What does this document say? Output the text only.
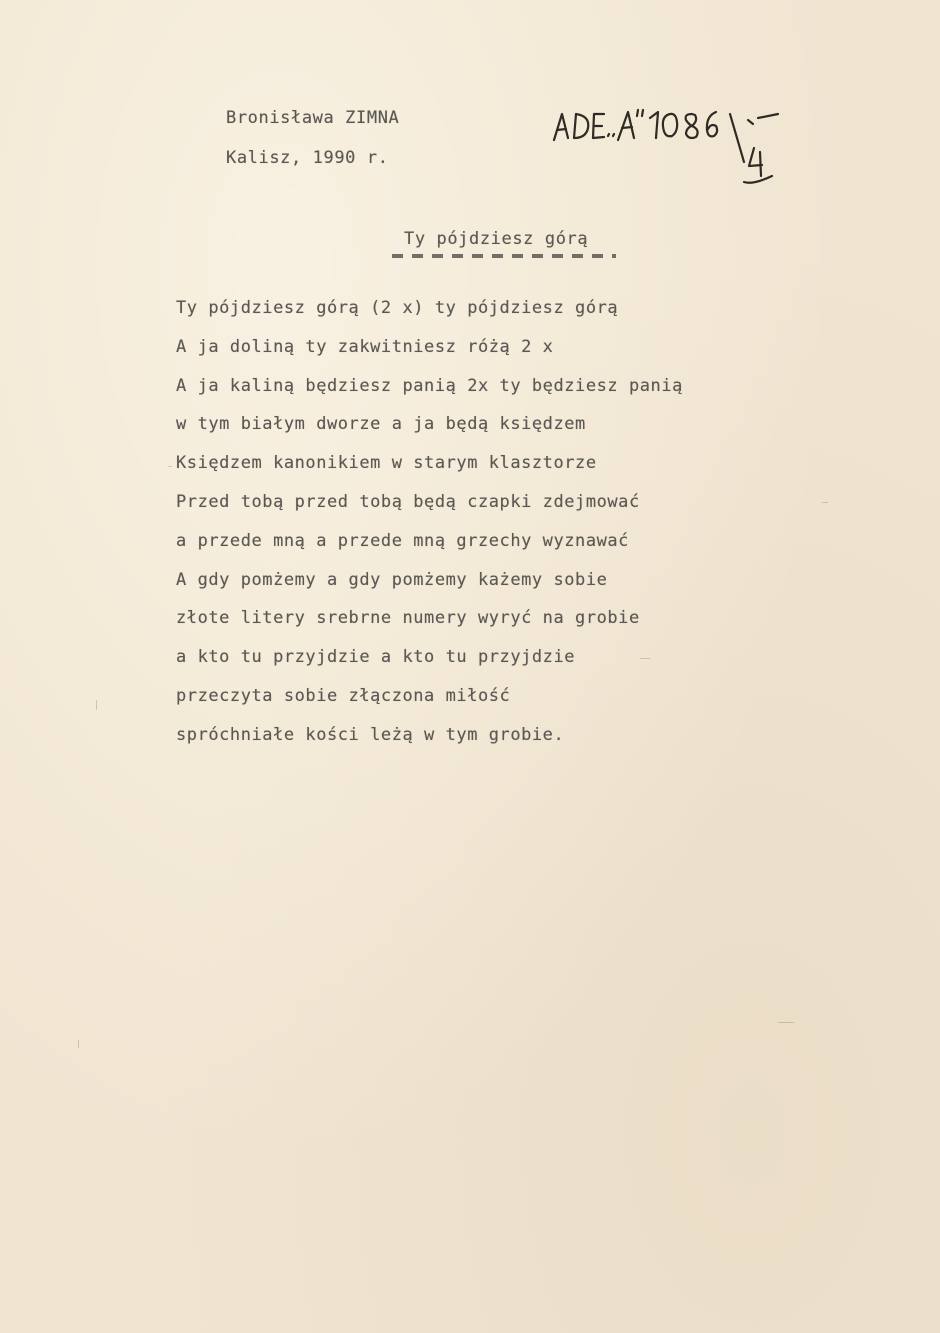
Bronisława ZIMNA
Kalisz, 1990 r.
Ty pójdziesz górą
Ty pójdziesz górą (2 x) ty pójdziesz górą
A ja doliną ty zakwitniesz różą 2 x
A ja kaliną będziesz panią 2x ty będziesz panią
w tym białym dworze a ja będą księdzem
Księdzem kanonikiem w starym klasztorze
Przed tobą przed tobą będą czapki zdejmować
a przede mną a przede mną grzechy wyznawać
A gdy pomżemy a gdy pomżemy każemy sobie
złote litery srebrne numery wyryć na grobie
a kto tu przyjdzie a kto tu przyjdzie
przeczyta sobie złączona miłość
spróchniałe kości leżą w tym grobie.
